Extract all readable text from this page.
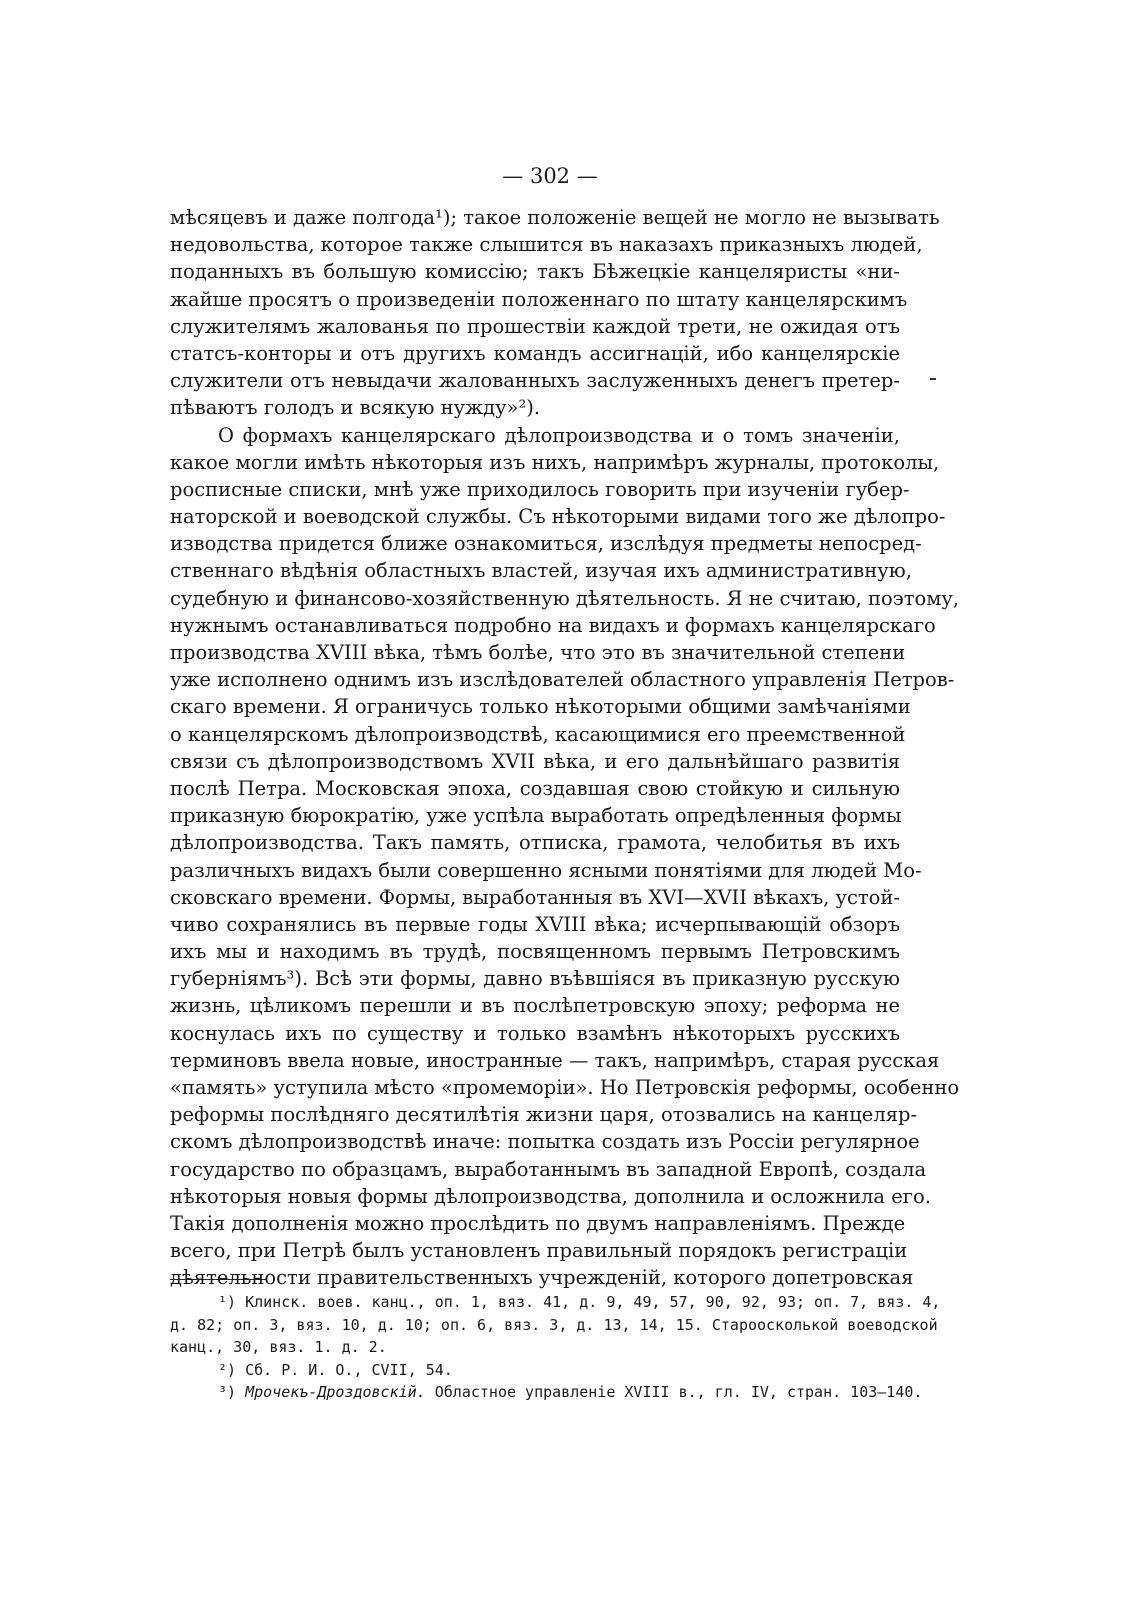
— 302 —
мѣсяцевъ и даже полгода¹); такое положеніе вещей не могло не вызывать
недовольства, которое также слышится въ наказахъ приказныхъ людей,
поданныхъ въ большую комиссію; такъ Бѣжецкіе канцеляристы «ни-
жайше просятъ о произведеніи положеннаго по штату канцелярскимъ
служителямъ жалованья по прошествіи каждой трети, не ожидая отъ
статсъ-конторы и отъ другихъ командъ ассигнацій, ибо канцелярскіе
служители отъ невыдачи жалованныхъ заслуженныхъ денегъ претер-
пѣваютъ голодъ и всякую нужду»²).
О формахъ канцелярскаго дѣлопроизводства и о томъ значеніи,
какое могли имѣть нѣкоторыя изъ нихъ, напримѣръ журналы, протоколы,
росписные списки, мнѣ уже приходилось говорить при изученіи губер-
наторской и воеводской службы. Съ нѣкоторыми видами того же дѣлопро-
изводства придется ближе ознакомиться, изслѣдуя предметы непосред-
ственнаго вѣдѣнія областныхъ властей, изучая ихъ административную,
судебную и финансово-хозяйственную дѣятельность. Я не считаю, поэтому,
нужнымъ останавливаться подробно на видахъ и формахъ канцелярскаго
производства XVIII вѣка, тѣмъ болѣе, что это въ значительной степени
уже исполнено однимъ изъ изслѣдователей областного управленія Петров-
скаго времени. Я ограничусь только нѣкоторыми общими замѣчаніями
о канцелярскомъ дѣлопроизводствѣ, касающимися его преемственной
связи съ дѣлопроизводствомъ XVII вѣка, и его дальнѣйшаго развитія
послѣ Петра. Московская эпоха, создавшая свою стойкую и сильную
приказную бюрократію, уже успѣла выработать опредѣленныя формы
дѣлопроизводства. Такъ память, отписка, грамота, челобитья въ ихъ
различныхъ видахъ были совершенно ясными понятіями для людей Мо-
сковскаго времени. Формы, выработанныя въ XVI—XVII вѣкахъ, устой-
чиво сохранялись въ первые годы XVIII вѣка; исчерпывающій обзоръ
ихъ мы и находимъ въ трудѣ, посвященномъ первымъ Петровскимъ
губерніямъ³). Всѣ эти формы, давно въѣвшіяся въ приказную русскую
жизнь, цѣликомъ перешли и въ послѣпетровскую эпоху; реформа не
коснулась ихъ по существу и только взамѣнъ нѣкоторыхъ русскихъ
терминовъ ввела новые, иностранные — такъ, напримѣръ, старая русская
«память» уступила мѣсто «промеморіи». Но Петровскія реформы, особенно
реформы послѣдняго десятилѣтія жизни царя, отозвались на канцеляр-
скомъ дѣлопроизводствѣ иначе: попытка создать изъ Россіи регулярное
государство по образцамъ, выработаннымъ въ западной Европѣ, создала
нѣкоторыя новыя формы дѣлопроизводства, дополнила и осложнила его.
Такія дополненія можно прослѣдить по двумъ направленіямъ. Прежде
всего, при Петрѣ былъ установленъ правильный порядокъ регистраціи
дѣятельности правительственныхъ учрежденій, которого допетровская
¹) Клинск. воев. канц., оп. 1, вяз. 41, д. 9, 49, 57, 90, 92, 93; оп. 7, вяз. 4,
д. 82; оп. 3, вяз. 10, д. 10; оп. 6, вяз. 3, д. 13, 14, 15. Староосколькой воеводской
канц., 30, вяз. 1. д. 2.
²) Сб. Р. И. О., CVII, 54.
³) Мрочекъ-Дроздовскій. Областное управленіе XVIII в., гл. IV, стран. 103—140.
